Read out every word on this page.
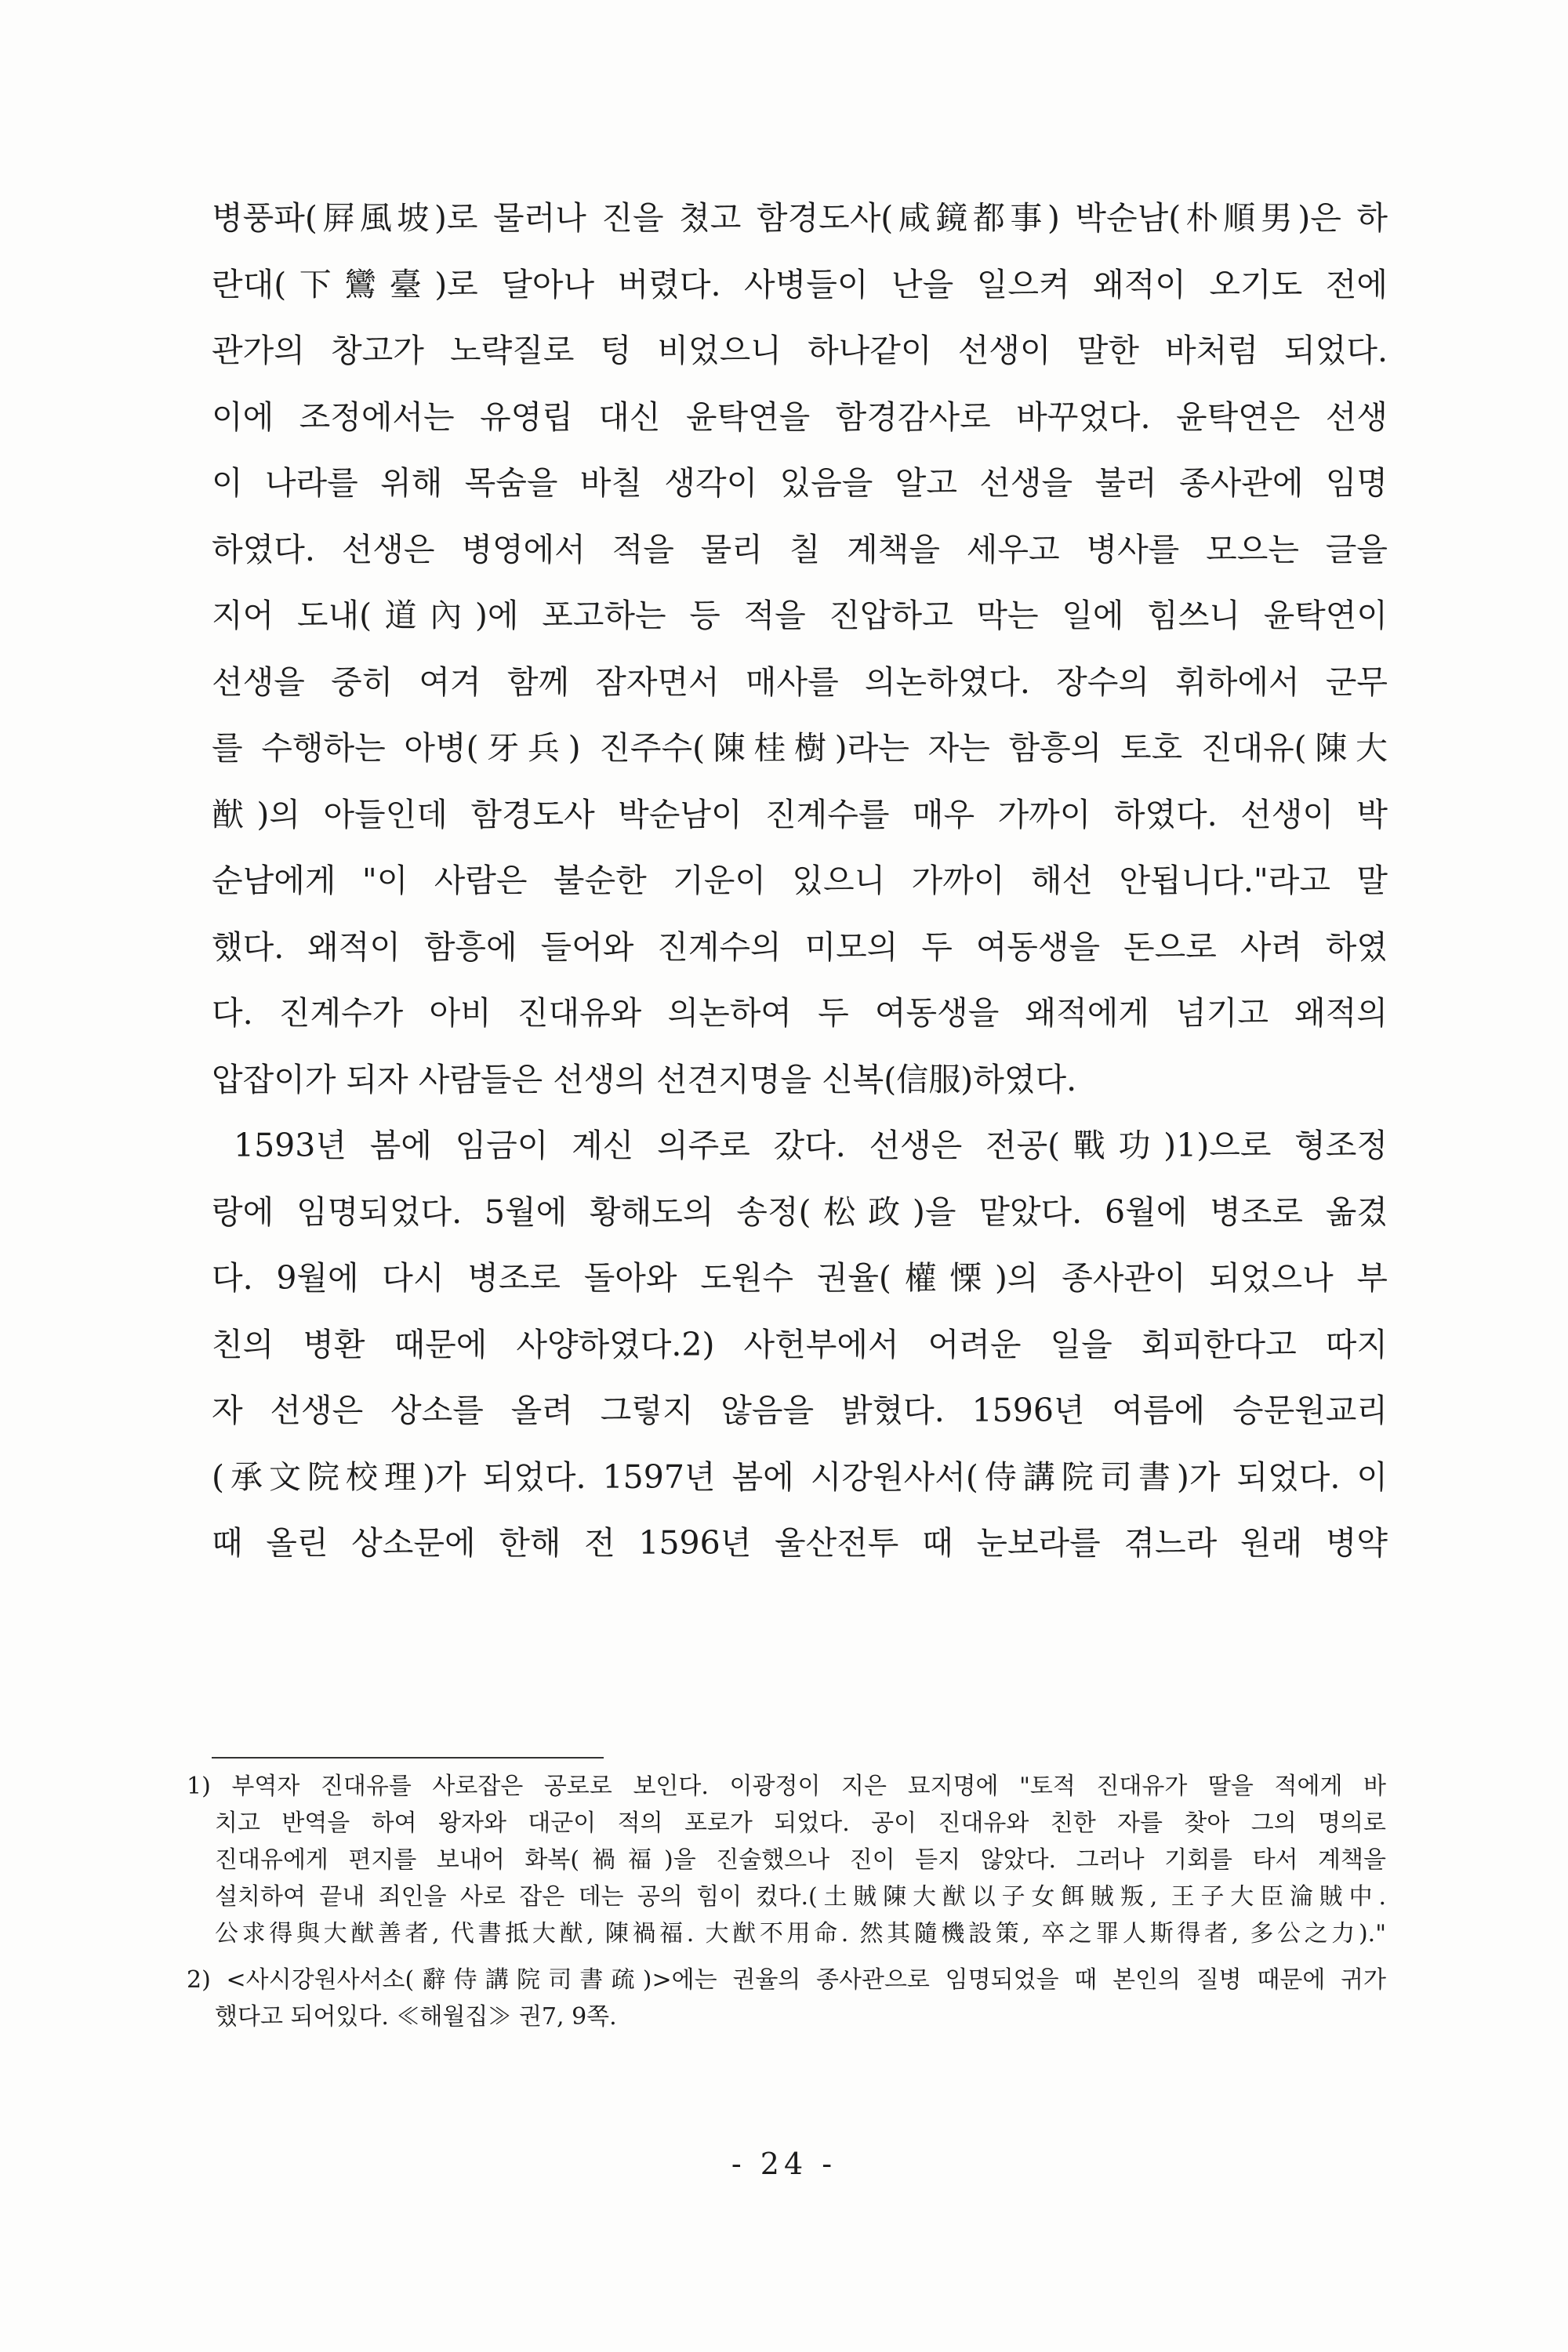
병풍파(屛風坡)로 물러나 진을 쳤고 함경도사(咸鏡都事) 박순남(朴順男)은 하
란대(下鸞臺)로 달아나 버렸다. 사병들이 난을 일으켜 왜적이 오기도 전에
관가의 창고가 노략질로 텅 비었으니 하나같이 선생이 말한 바처럼 되었다.
이에 조정에서는 유영립 대신 윤탁연을 함경감사로 바꾸었다. 윤탁연은 선생
이 나라를 위해 목숨을 바칠 생각이 있음을 알고 선생을 불러 종사관에 임명
하였다. 선생은 병영에서 적을 물리 칠 계책을 세우고 병사를 모으는 글을
지어 도내(道內)에 포고하는 등 적을 진압하고 막는 일에 힘쓰니 윤탁연이
선생을 중히 여겨 함께 잠자면서 매사를 의논하였다. 장수의 휘하에서 군무
를 수행하는 아병(牙兵) 진주수(陳桂樹)라는 자는 함흥의 토호 진대유(陳大
猷)의 아들인데 함경도사 박순남이 진계수를 매우 가까이 하였다. 선생이 박
순남에게 "이 사람은 불순한 기운이 있으니 가까이 해선 안됩니다."라고 말
했다. 왜적이 함흥에 들어와 진계수의 미모의 두 여동생을 돈으로 사려 하였
다. 진계수가 아비 진대유와 의논하여 두 여동생을 왜적에게 넘기고 왜적의
압잡이가 되자 사람들은 선생의 선견지명을 신복(信服)하였다.
1593년 봄에 임금이 계신 의주로 갔다. 선생은 전공(戰功)1)으로 형조정
랑에 임명되었다. 5월에 황해도의 송정(松政)을 맡았다. 6월에 병조로 옮겼
다. 9월에 다시 병조로 돌아와 도원수 권율(權慄)의 종사관이 되었으나 부
친의 병환 때문에 사양하였다.2) 사헌부에서 어려운 일을 회피한다고 따지
자 선생은 상소를 올려 그렇지 않음을 밝혔다. 1596년 여름에 승문원교리
(承文院校理)가 되었다. 1597년 봄에 시강원사서(侍講院司書)가 되었다. 이
때 올린 상소문에 한해 전 1596년 울산전투 때 눈보라를 겪느라 원래 병약
1) 부역자 진대유를 사로잡은 공로로 보인다. 이광정이 지은 묘지명에 "토적 진대유가 딸을 적에게 바
치고 반역을 하여 왕자와 대군이 적의 포로가 되었다. 공이 진대유와 친한 자를 찾아 그의 명의로
진대유에게 편지를 보내어 화복(禍福)을 진술했으나 진이 듣지 않았다. 그러나 기회를 타서 계책을
설치하여 끝내 죄인을 사로 잡은 데는 공의 힘이 컸다.(土賊陳大猷以子女餌賊叛, 王子大臣淪賊中.
公求得與大猷善者, 代書抵大猷, 陳禍福. 大猷不用命. 然其隨機設策, 卒之罪人斯得者, 多公之力)."
2) <사시강원사서소(辭侍講院司書疏)>에는 권율의 종사관으로 임명되었을 때 본인의 질병 때문에 귀가
했다고 되어있다. ≪해월집≫ 권7, 9쪽.
- 24 -
